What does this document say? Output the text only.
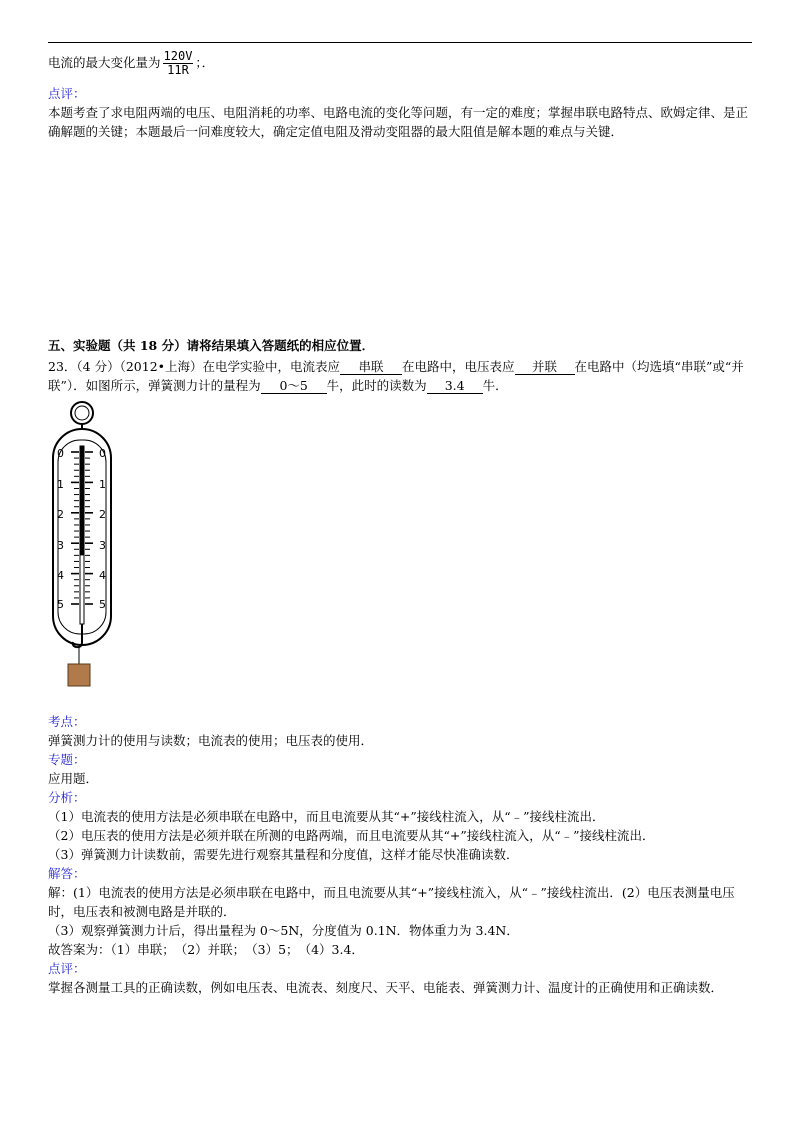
电流的最大变化量为 $\frac{120V}{11R}$ ；．
点评：
本题考查了求电阻两端的电压、电阻消耗的功率、电路电流的变化等问题，有一定的难度；掌握串联电路特点、欧姆定律、是正确解题的关键；本题最后一问难度较大，确定定值电阻及滑动变阻器的最大阻值是解本题的难点与关键．
五、实验题（共 18 分）请将结果填入答题纸的相应位置．
23．（4 分）（2012•上海）在电学实验中，电流表应 串联 在电路中，电压表应 并联 在电路中（均选填“串联”或“并联”）．如图所示，弹簧测力计的量程为 0～5 牛，此时的读数为 3.4 牛．
0
1
2
3
4
5
0
1
2
3
4
5
考点：
弹簧测力计的使用与读数；电流表的使用；电压表的使用．
专题：
应用题．
分析：
（1）电流表的使用方法是必须串联在电路中，而且电流要从其“+”接线柱流入，从“﹣”接线柱流出．
（2）电压表的使用方法是必须并联在所测的电路两端，而且电流要从其“+”接线柱流入，从“﹣”接线柱流出．
（3）弹簧测力计读数前，需要先进行观察其量程和分度值，这样才能尽快准确读数．
解答：
解：(1）电流表的使用方法是必须串联在电路中，而且电流要从其“+”接线柱流入，从“﹣”接线柱流出．(2）电压表测量电压时，电压表和被测电路是并联的．
（3）观察弹簧测力计后，得出量程为 0～5N，分度值为 0.1N．物体重力为 3.4N．
故答案为：（1）串联；　（2）并联；　（3）5；　（4）3.4．
点评：
掌握各测量工具的正确读数，例如电压表、电流表、刻度尺、天平、电能表、弹簧测力计、温度计的正确使用和正确读数．
